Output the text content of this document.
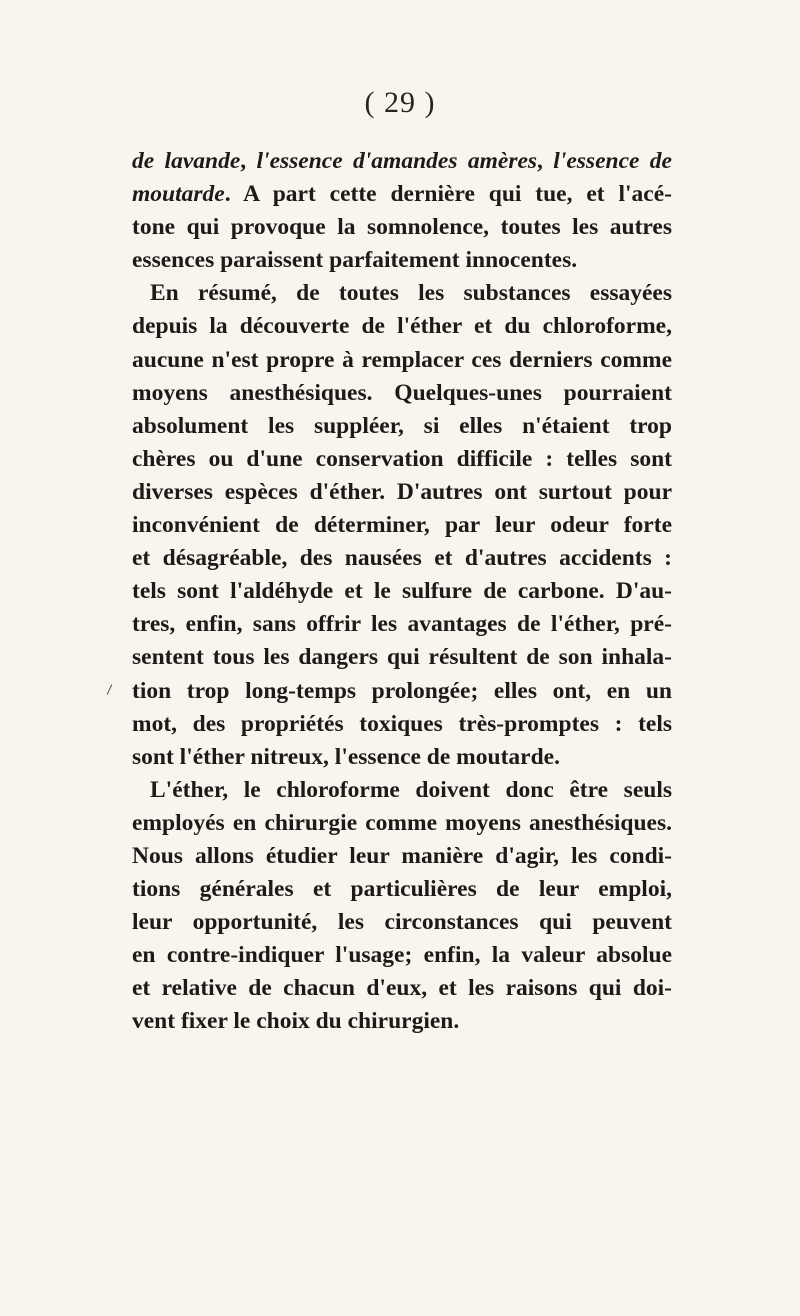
( 29 )
de lavande, l'essence d'amandes amères, l'essence de
moutarde. A part cette dernière qui tue, et l'acé-
tone qui provoque la somnolence, toutes les autres
essences paraissent parfaitement innocentes.
En résumé, de toutes les substances essayées
depuis la découverte de l'éther et du chloroforme,
aucune n'est propre à remplacer ces derniers comme
moyens anesthésiques. Quelques-unes pourraient
absolument les suppléer, si elles n'étaient trop
chères ou d'une conservation difficile : telles sont
diverses espèces d'éther. D'autres ont surtout pour
inconvénient de déterminer, par leur odeur forte
et désagréable, des nausées et d'autres accidents :
tels sont l'aldéhyde et le sulfure de carbone. D'au-
tres, enfin, sans offrir les avantages de l'éther, pré-
sentent tous les dangers qui résultent de son inhala-
tion trop long-temps prolongée; elles ont, en un
mot, des propriétés toxiques très-promptes : tels
sont l'éther nitreux, l'essence de moutarde.
L'éther, le chloroforme doivent donc être seuls
employés en chirurgie comme moyens anesthésiques.
Nous allons étudier leur manière d'agir, les condi-
tions générales et particulières de leur emploi,
leur opportunité, les circonstances qui peuvent
en contre-indiquer l'usage; enfin, la valeur absolue
et relative de chacun d'eux, et les raisons qui doi-
vent fixer le choix du chirurgien.
